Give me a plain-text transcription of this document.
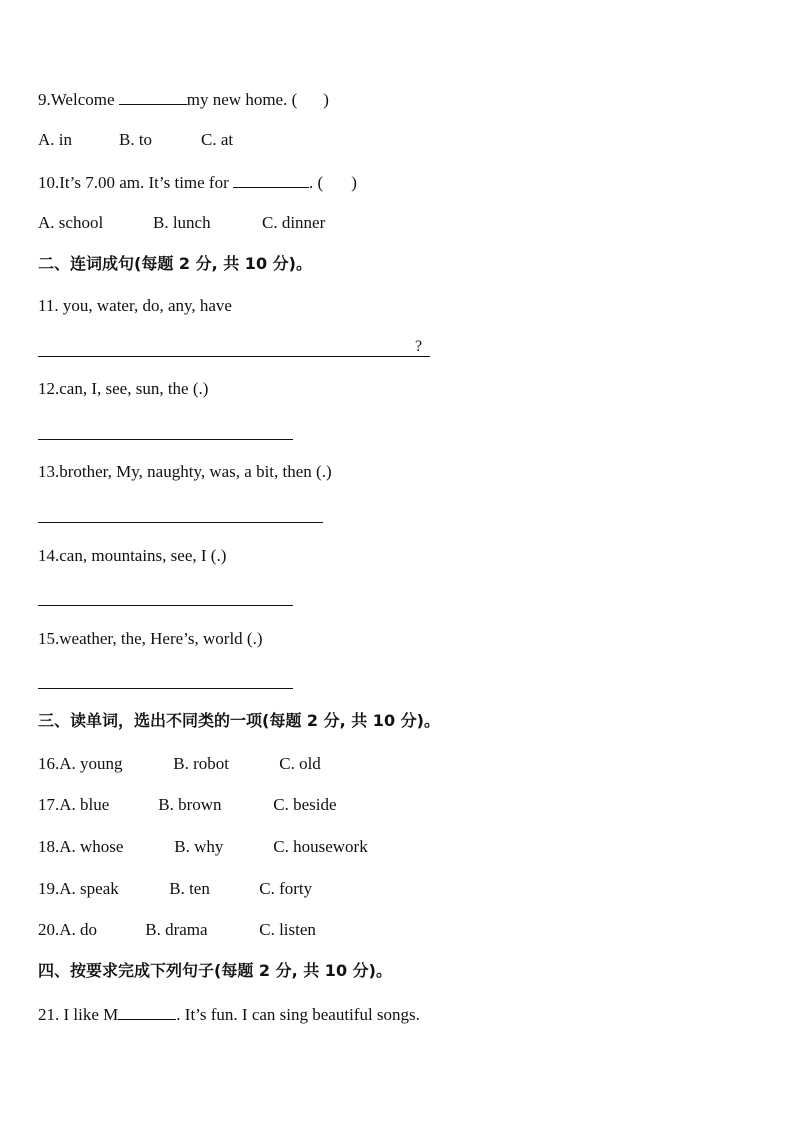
9.Welcome	my new home. ( )
A. in	B. to	C. at
10.It’s 7.00 am. It’s time for	. ( )
A. school	B. lunch	C. dinner
二、连词成句(每题 2 分, 共 10 分)。
11. you, water, do, any, have
?
12.can, I, see, sun, the (.)
13.brother, My, naughty, was, a bit, then (.)
14.can, mountains, see, I (.)
15.weather, the, Here’s, world (.)
三、读单词，选出不同类的一项(每题 2 分, 共 10 分)。
16.A. young	B. robot	C. old
17.A. blue	B. brown	C. beside
18.A. whose	B. why	C. housework
19.A. speak	B. ten	C. forty
20.A. do	B. drama	C. listen
四、按要求完成下列句子(每题 2 分, 共 10 分)。
21. I like M	. It’s fun. I can sing beautiful songs.
